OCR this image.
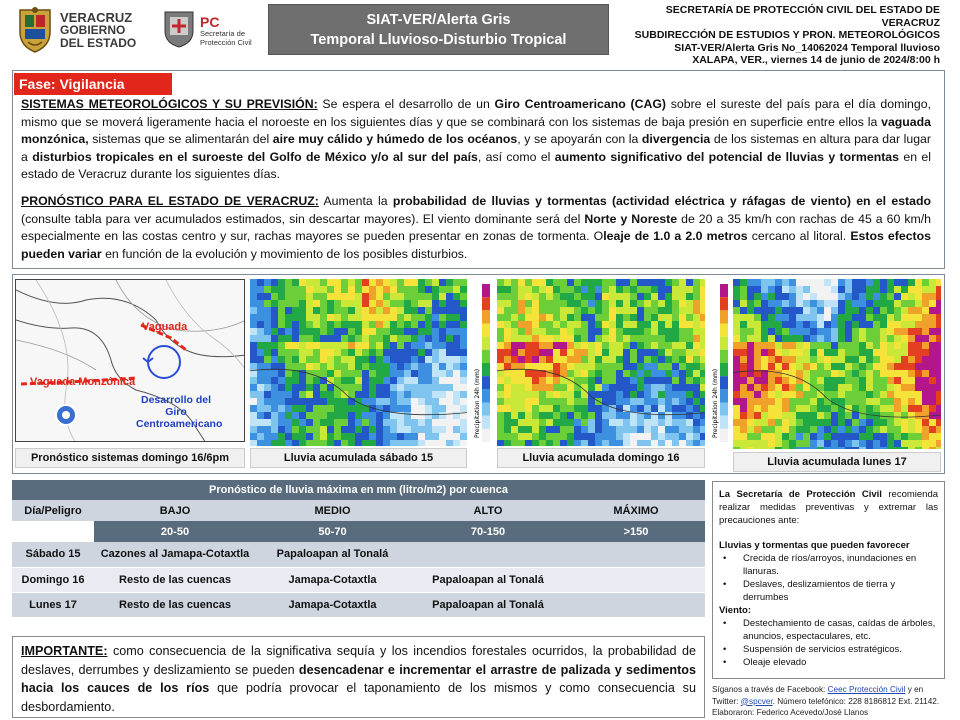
VERACRUZ
GOBIERNO
DEL ESTADO
PC
Secretaría de
Protección Civil
SIAT-VER/Alerta Gris
Temporal Lluvioso-Disturbio Tropical
SECRETARÍA DE PROTECCIÓN CIVIL DEL ESTADO DE VERACRUZ
SUBDIRECCIÓN DE ESTUDIOS Y PRON. METEOROLÓGICOS
SIAT-VER/Alerta Gris No_14062024 Temporal lluvioso
XALAPA, VER., viernes 14 de junio de 2024/8:00 h
Fase: Vigilancia
SISTEMAS METEOROLÓGICOS Y SU PREVISIÓN: Se espera el desarrollo de un Giro Centroamericano (CAG) sobre el sureste del país para el día domingo, mismo que se moverá ligeramente hacia el noroeste en los siguientes días y que se combinará con los sistemas de baja presión en superficie entre ellos la vaguada monzónica, sistemas que se alimentarán del aire muy cálido y húmedo de los océanos, y se apoyarán con la divergencia de los sistemas en altura para dar lugar a disturbios tropicales en el suroeste del Golfo de México y/o al sur del país, así como el aumento significativo del potencial de lluvias y tormentas en el estado de Veracruz durante los siguientes días.
PRONÓSTICO PARA EL ESTADO DE VERACRUZ: Aumenta la probabilidad de lluvias y tormentas (actividad eléctrica y ráfagas de viento) en el estado (consulte tabla para ver acumulados estimados, sin descartar mayores). El viento dominante será del Norte y Noreste de 20 a 35 km/h con rachas de 45 a 60 km/h especialmente en las costas centro y sur, rachas mayores se pueden presentar en zonas de tormenta. Oleaje de 1.0 a 2.0 metros cercano al litoral. Estos efectos pueden variar en función de la evolución y movimiento de los posibles disturbios.
Vaguada
Vaguada Monzónica
Desarrollo del
Giro
Centroamericano	Precipitation 24h (mm)	Precipitation 24h (mm)
Pronóstico sistemas domingo 16/6pm	Lluvia acumulada sábado 15	Lluvia acumulada domingo 16	Lluvia acumulada lunes 17
Pronóstico de lluvia máxima en mm (litro/m2) por cuenca				
Día/Peligro	BAJO	MEDIO	ALTO	MÁXIMO
	20-50	50-70	70-150	>150
Sábado 15	Cazones al Jamapa-Cotaxtla	Papaloapan al Tonalá		
Domingo 16	Resto de las cuencas	Jamapa-Cotaxtla	Papaloapan al Tonalá	
Lunes 17	Resto de las cuencas	Jamapa-Cotaxtla	Papaloapan al Tonalá	

La Secretaría de Protección Civil recomienda realizar medidas preventivas y extremar las precauciones ante:

Lluvias y tormentas que pueden favorecer
• Crecida de ríos/arroyos, inundaciones en llanuras.
• Deslaves, deslizamientos de tierra y derrumbes
Viento:
• Destechamiento de casas, caídas de árboles, anuncios, espectaculares, etc.
• Suspensión de servicios estratégicos.
• Oleaje elevado
Síganos a través de Facebook: Ceec Protección Civil y en Twitter: @spcver. Número telefónico: 228 8186812 Ext. 21142. Elaboraron: Federico Acevedo/José Llanos
IMPORTANTE: como consecuencia de la significativa sequía y los incendios forestales ocurridos, la probabilidad de deslaves, derrumbes y deslizamiento se pueden desencadenar e incrementar el arrastre de palizada y sedimentos hacia los cauces de los ríos que podría provocar el taponamiento de los mismos y como consecuencia su desbordamiento.
